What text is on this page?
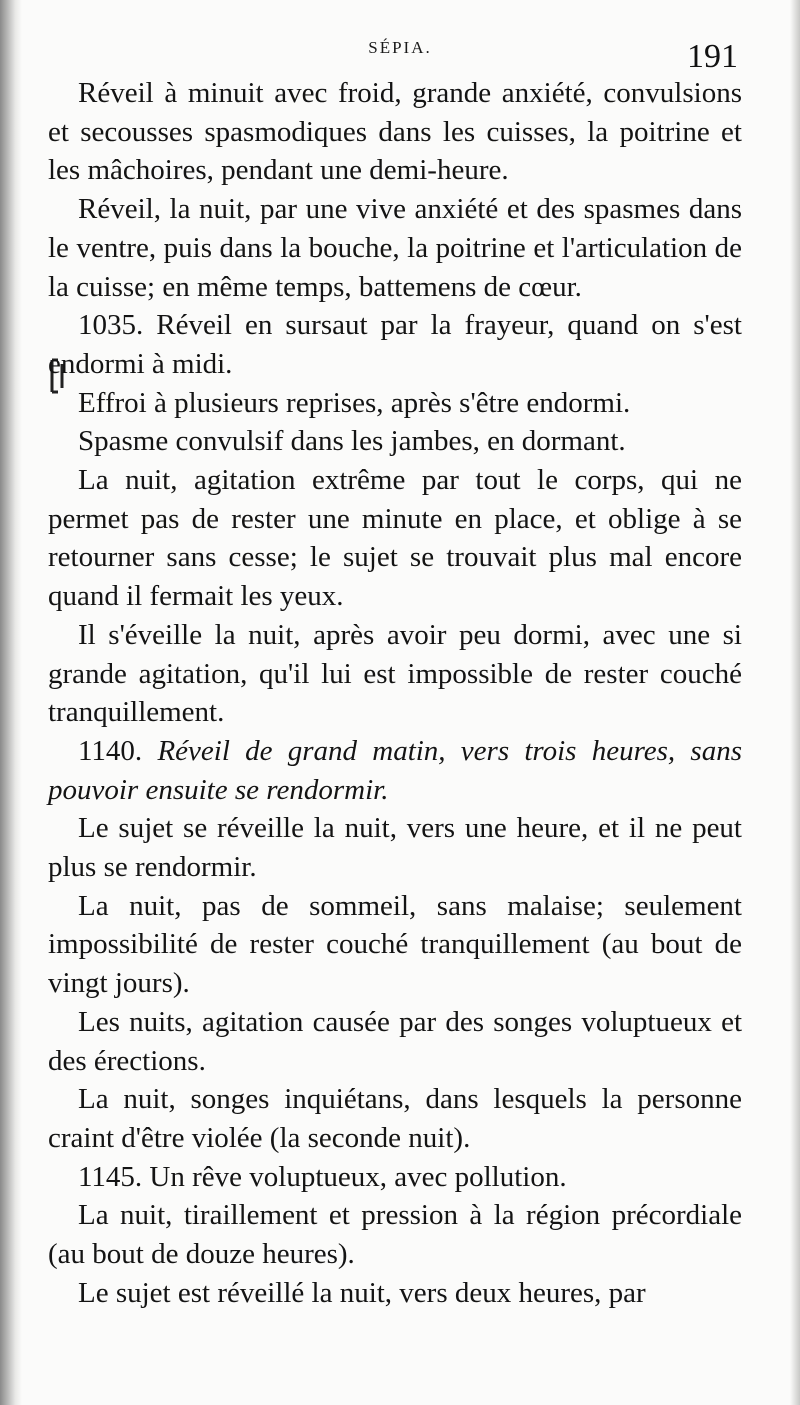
SÉPIA.	191

Réveil à minuit avec froid, grande anxiété, convulsions et secousses spasmodiques dans les cuisses, la poitrine et les mâchoires, pendant une demi-heure.

Réveil, la nuit, par une vive anxiété et des spasmes dans le ventre, puis dans la bouche, la poitrine et l'articulation de la cuisse; en même temps, battemens de cœur.

1035. Réveil en sursaut par la frayeur, quand on s'est endormi à midi.

Effroi à plusieurs reprises, après s'être endormi.

Spasme convulsif dans les jambes, en dormant.

La nuit, agitation extrême par tout le corps, qui ne permet pas de rester une minute en place, et oblige à se retourner sans cesse; le sujet se trouvait plus mal encore quand il fermait les yeux.

Il s'éveille la nuit, après avoir peu dormi, avec une si grande agitation, qu'il lui est impossible de rester couché tranquillement.

1140. Réveil de grand matin, vers trois heures, sans pouvoir ensuite se rendormir.

Le sujet se réveille la nuit, vers une heure, et il ne peut plus se rendormir.

La nuit, pas de sommeil, sans malaise; seulement impossibilité de rester couché tranquillement (au bout de vingt jours).

Les nuits, agitation causée par des songes voluptueux et des érections.

La nuit, songes inquiétans, dans lesquels la personne craint d'être violée (la seconde nuit).

1145. Un rêve voluptueux, avec pollution.

La nuit, tiraillement et pression à la région précordiale (au bout de douze heures).

Le sujet est réveillé la nuit, vers deux heures, par
